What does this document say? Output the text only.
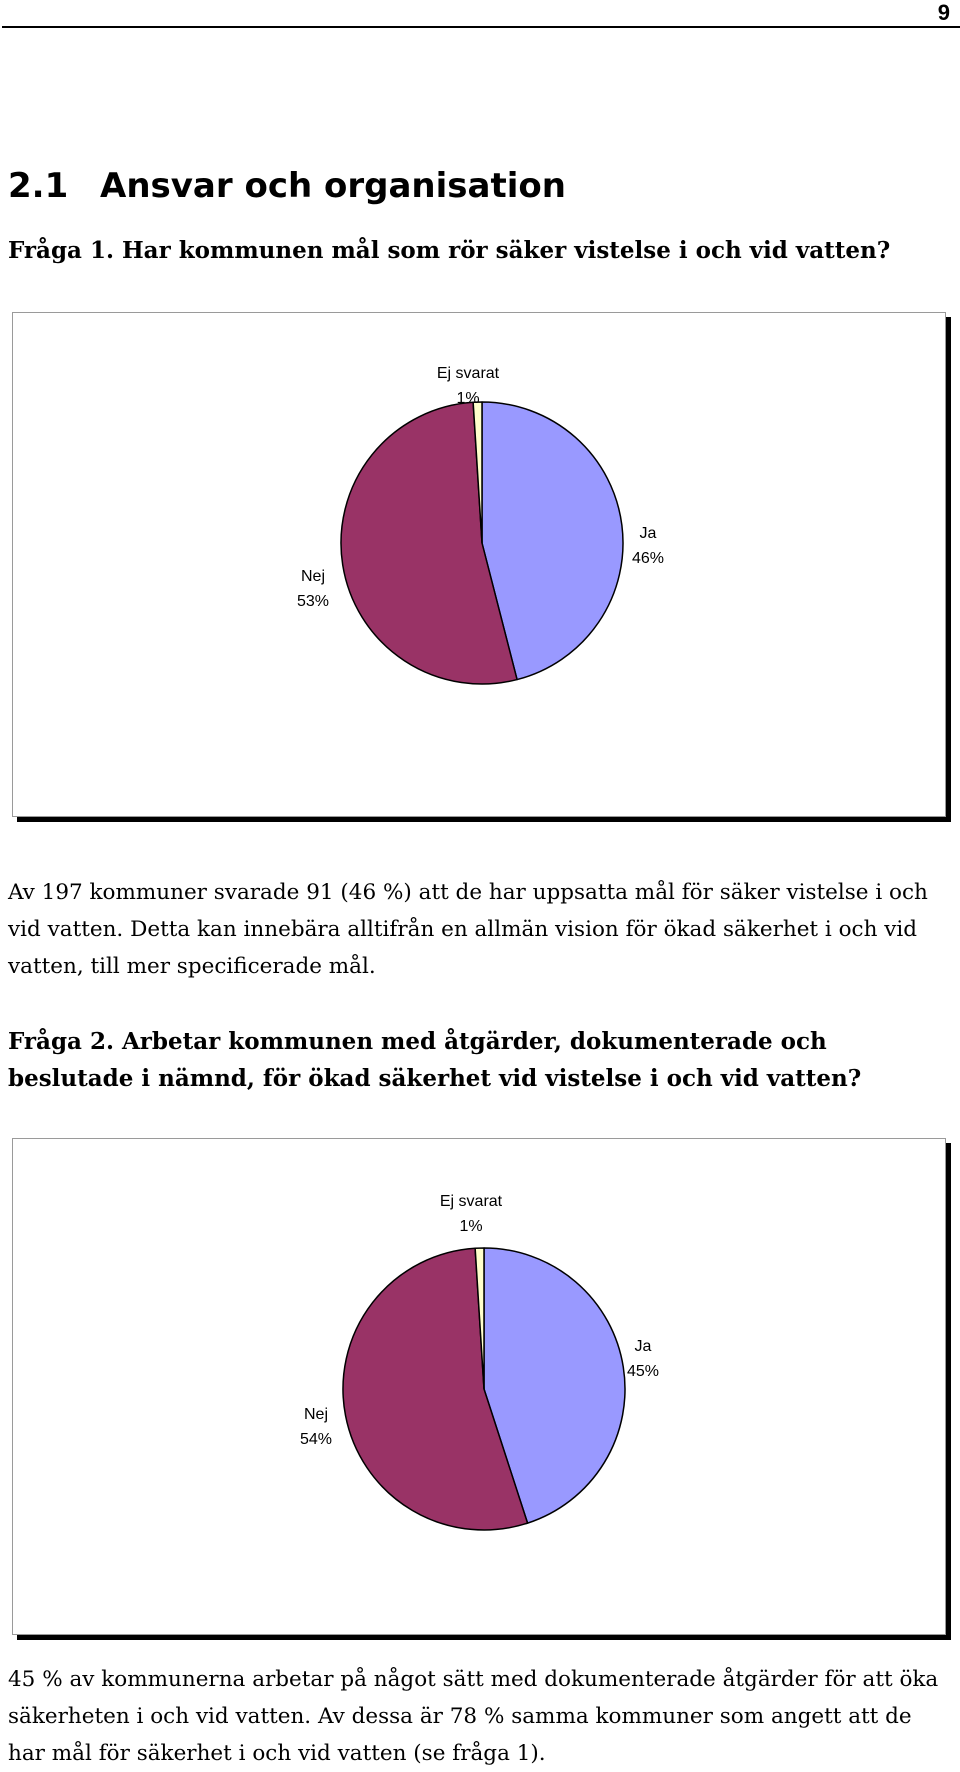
9
2.1 Ansvar och organisation

Fråga 1. Har kommunen mål som rör säker vistelse i och vid vatten?

Ej svarat
1%
Ja
46%
Nej
53%

Av 197 kommuner svarade 91 (46 %) att de har uppsatta mål för säker vistelse i och vid vatten. Detta kan innebära alltifrån en allmän vision för ökad säkerhet i och vid vatten, till mer specificerade mål.

Fråga 2. Arbetar kommunen med åtgärder, dokumenterade och beslutade i nämnd, för ökad säkerhet vid vistelse i och vid vatten?

Ej svarat
1%
Ja
45%
Nej
54%

45 % av kommunerna arbetar på något sätt med dokumenterade åtgärder för att öka säkerheten i och vid vatten. Av dessa är 78 % samma kommuner som angett att de har mål för säkerhet i och vid vatten (se fråga 1).
